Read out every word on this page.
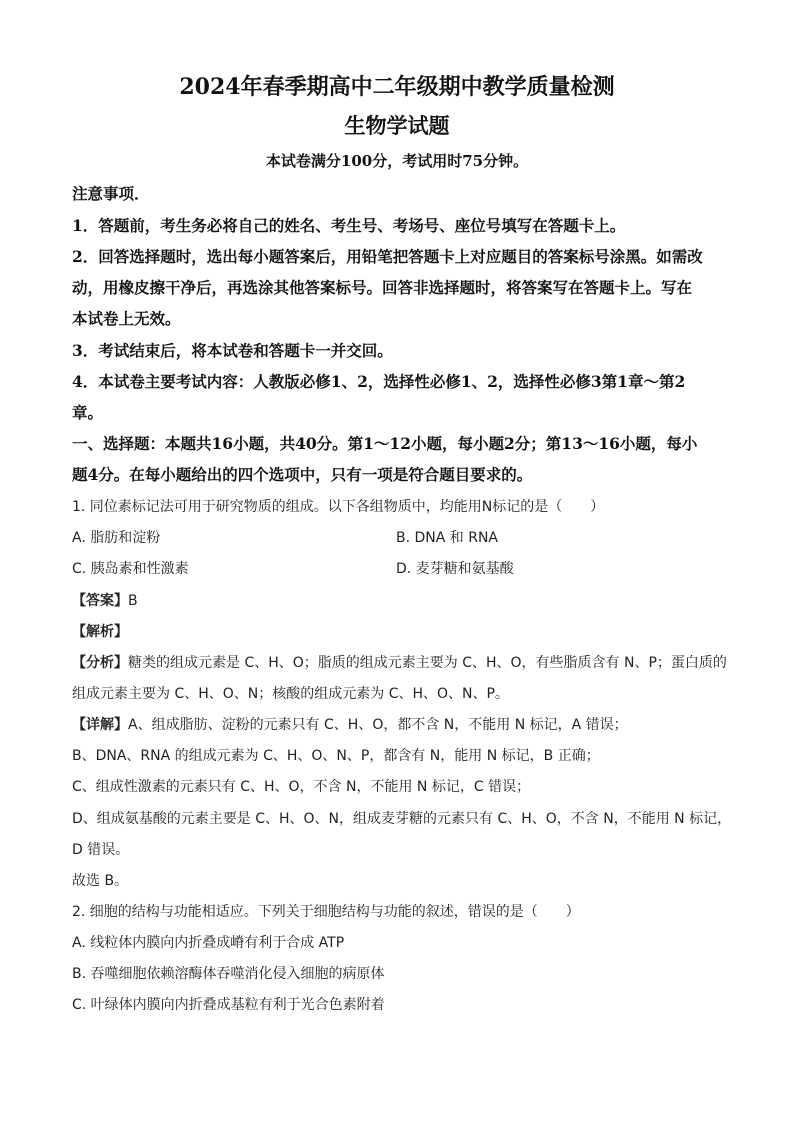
2024年春季期高中二年级期中教学质量检测
生物学试题
本试卷满分100分，考试用时75分钟。
注意事项．
1．答题前，考生务必将自己的姓名、考生号、考场号、座位号填写在答题卡上。
2．回答选择题时，选出每小题答案后，用铅笔把答题卡上对应题目的答案标号涂黑。如需改
动，用橡皮擦干净后，再选涂其他答案标号。回答非选择题时，将答案写在答题卡上。写在
本试卷上无效。
3．考试结束后，将本试卷和答题卡一并交回。
4．本试卷主要考试内容：人教版必修1、2，选择性必修1、2，选择性必修3第1章～第2
章。
一、选择题：本题共16小题，共40分。第1～12小题，每小题2分；第13～16小题，每小
题4分。在每小题给出的四个选项中，只有一项是符合题目要求的。
1. 同位素标记法可用于研究物质的组成。以下各组物质中，均能用N标记的是（　　）
A. 脂肪和淀粉	B. DNA 和 RNA
C. 胰岛素和性激素	D. 麦芽糖和氨基酸
【答案】B
【解析】
【分析】糖类的组成元素是 C、H、O；脂质的组成元素主要为 C、H、O，有些脂质含有 N、P；蛋白质的
组成元素主要为 C、H、O、N；核酸的组成元素为 C、H、O、N、P。
【详解】A、组成脂肪、淀粉的元素只有 C、H、O，都不含 N，不能用 N 标记，A 错误；
B、DNA、RNA 的组成元素为 C、H、O、N、P，都含有 N，能用 N 标记，B 正确；
C、组成性激素的元素只有 C、H、O，不含 N，不能用 N 标记，C 错误；
D、组成氨基酸的元素主要是 C、H、O、N，组成麦芽糖的元素只有 C、H、O，不含 N，不能用 N 标记，
D 错误。
故选 B。
2. 细胞的结构与功能相适应。下列关于细胞结构与功能的叙述，错误的是（　　）
A. 线粒体内膜向内折叠成嵴有利于合成 ATP
B. 吞噬细胞依赖溶酶体吞噬消化侵入细胞的病原体
C. 叶绿体内膜向内折叠成基粒有利于光合色素附着
